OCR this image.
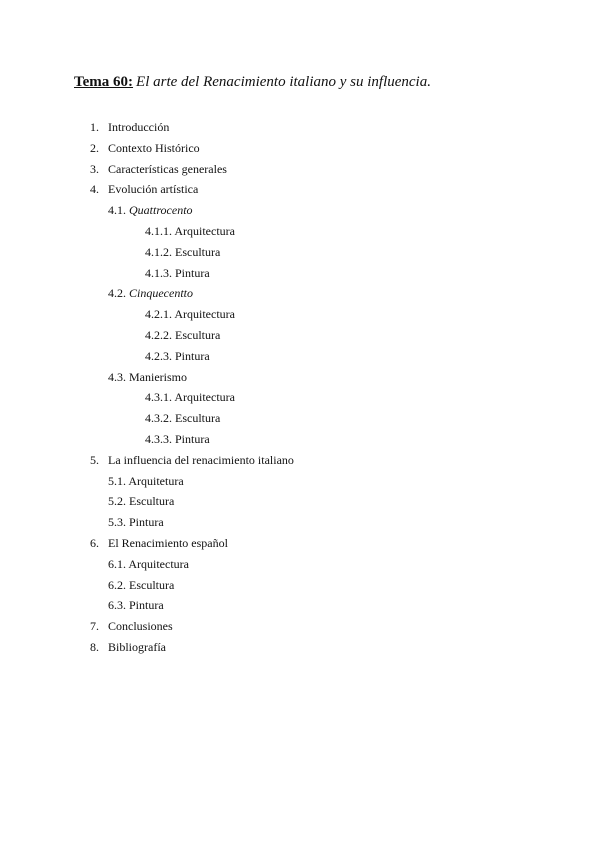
Tema 60: El arte del Renacimiento italiano y su influencia.
1. Introducción
2. Contexto Histórico
3. Características generales
4. Evolución artística
4.1. Quattrocento
4.1.1. Arquitectura
4.1.2. Escultura
4.1.3. Pintura
4.2. Cinquecentto
4.2.1. Arquitectura
4.2.2. Escultura
4.2.3. Pintura
4.3. Manierismo
4.3.1. Arquitectura
4.3.2. Escultura
4.3.3. Pintura
5. La influencia del renacimiento italiano
5.1. Arquitetura
5.2. Escultura
5.3. Pintura
6. El Renacimiento español
6.1. Arquitectura
6.2. Escultura
6.3. Pintura
7. Conclusiones
8. Bibliografía
